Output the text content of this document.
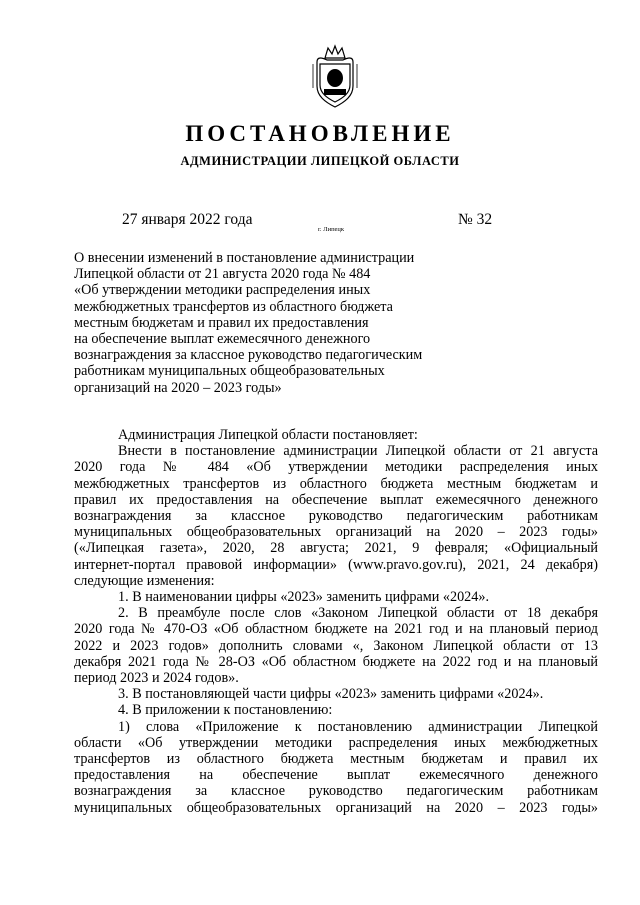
ПОСТАНОВЛЕНИЕ
АДМИНИСТРАЦИИ ЛИПЕЦКОЙ ОБЛАСТИ
27 января 2022 года
г. Липецк
№ 32
О внесении изменений в постановление администрации
Липецкой области от 21 августа 2020 года № 484
«Об утверждении методики распределения иных
межбюджетных трансфертов из областного бюджета
местным бюджетам и правил их предоставления
на обеспечение выплат ежемесячного денежного
вознаграждения за классное руководство педагогическим
работникам муниципальных общеобразовательных
организаций на 2020 – 2023 годы»
Администрация Липецкой области постановляет:
Внести в постановление администрации Липецкой области от 21 августа
2020 года № 484 «Об утверждении методики распределения иных
межбюджетных трансфертов из областного бюджета местным бюджетам и
правил их предоставления на обеспечение выплат ежемесячного денежного
вознаграждения за классное руководство педагогическим работникам
муниципальных общеобразовательных организаций на 2020 – 2023 годы»
(«Липецкая газета», 2020, 28 августа; 2021, 9 февраля; «Официальный
интернет-портал правовой информации» (www.pravo.gov.ru), 2021, 24 декабря)
следующие изменения:
1. В наименовании цифры «2023» заменить цифрами «2024».
2. В преамбуле после слов «Законом Липецкой области от 18 декабря
2020 года № 470-ОЗ «Об областном бюджете на 2021 год и на плановый период
2022 и 2023 годов» дополнить словами «, Законом Липецкой области от 13
декабря 2021 года № 28-ОЗ «Об областном бюджете на 2022 год и на плановый
период 2023 и 2024 годов».
3. В постановляющей части цифры «2023» заменить цифрами «2024».
4. В приложении к постановлению:
1) слова «Приложение к постановлению администрации Липецкой
области «Об утверждении методики распределения иных межбюджетных
трансфертов из областного бюджета местным бюджетам и правил их
предоставления на обеспечение выплат ежемесячного денежного
вознаграждения за классное руководство педагогическим работникам
муниципальных общеобразовательных организаций на 2020 – 2023 годы»
